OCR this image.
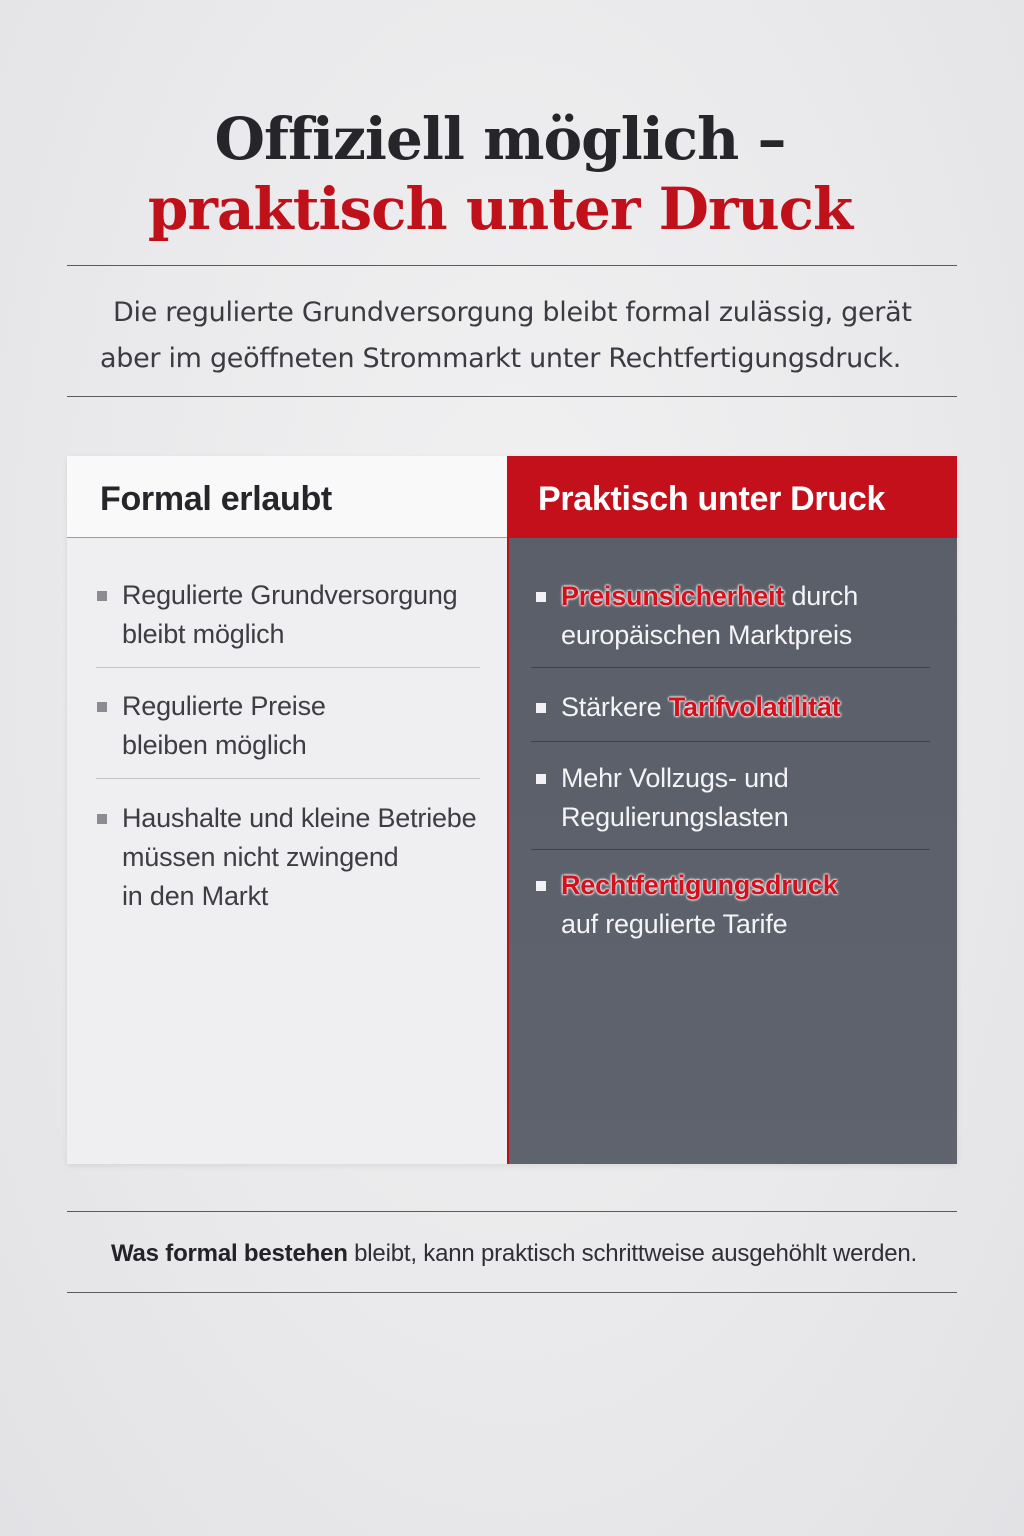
Offiziell möglich –
praktisch unter Druck

Die regulierte Grundversorgung bleibt formal zulässig, gerät
aber im geöffneten Strommarkt unter Rechtfertigungsdruck.

Formal erlaubt	Praktisch unter Druck
Regulierte Grundversorgung
bleibt möglich
Regulierte Preise
bleiben möglich
Haushalte und kleine Betriebe
müssen nicht zwingend
in den Markt
Preisunsicherheit durch
europäischen Marktpreis
Stärkere Tarifvolatilität
Mehr Vollzugs- und
Regulierungslasten
Rechtfertigungsdruck
auf regulierte Tarife

Was formal bestehen bleibt, kann praktisch schrittweise ausgehöhlt werden.
